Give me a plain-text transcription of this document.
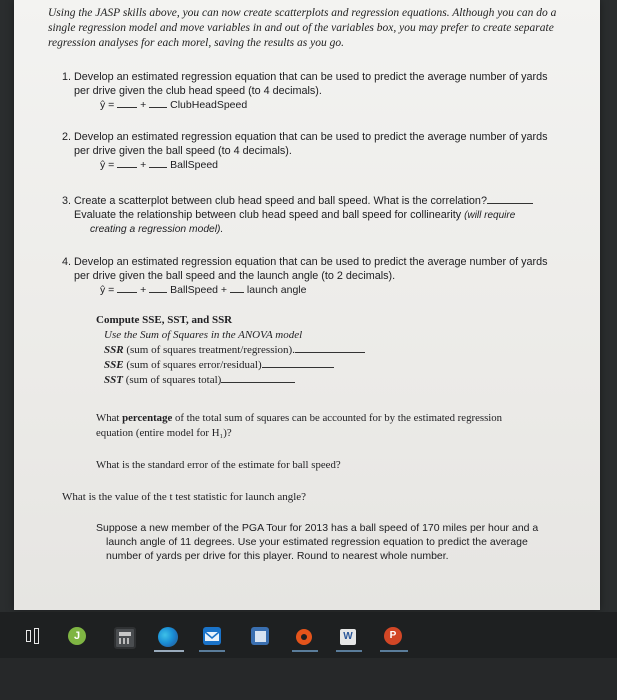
Using the JASP skills above, you can now create scatterplots and regression equations. Although you can do a single regression model and move variables in and out of the variables box, you may prefer to create separate regression analyses for each morel, saving the results as you go.
1. Develop an estimated regression equation that can be used to predict the average number of yards
per drive given the club head speed (to 4 decimals).
ŷ = + ClubHeadSpeed
2. Develop an estimated regression equation that can be used to predict the average number of yards
per drive given the ball speed (to 4 decimals).
ŷ = + BallSpeed
3. Create a scatterplot between club head speed and ball speed. What is the correlation?
Evaluate the relationship between club head speed and ball speed for collinearity (will require
creating a regression model).
4. Develop an estimated regression equation that can be used to predict the average number of yards
per drive given the ball speed and the launch angle (to 2 decimals).
ŷ = + BallSpeed + launch angle
Compute SSE, SST, and SSR
Use the Sum of Squares in the ANOVA model
SSR (sum of squares treatment/regression).
SSE (sum of squares error/residual)
SST (sum of squares total)
What percentage of the total sum of squares can be accounted for by the estimated regression
equation (entire model for H₁)?
What is the standard error of the estimate for ball speed?
What is the value of the t test statistic for launch angle?
Suppose a new member of the PGA Tour for 2013 has a ball speed of 170 miles per hour and a
launch angle of 11 degrees. Use your estimated regression equation to predict the average
number of yards per drive for this player. Round to nearest whole number.
J	W	P
